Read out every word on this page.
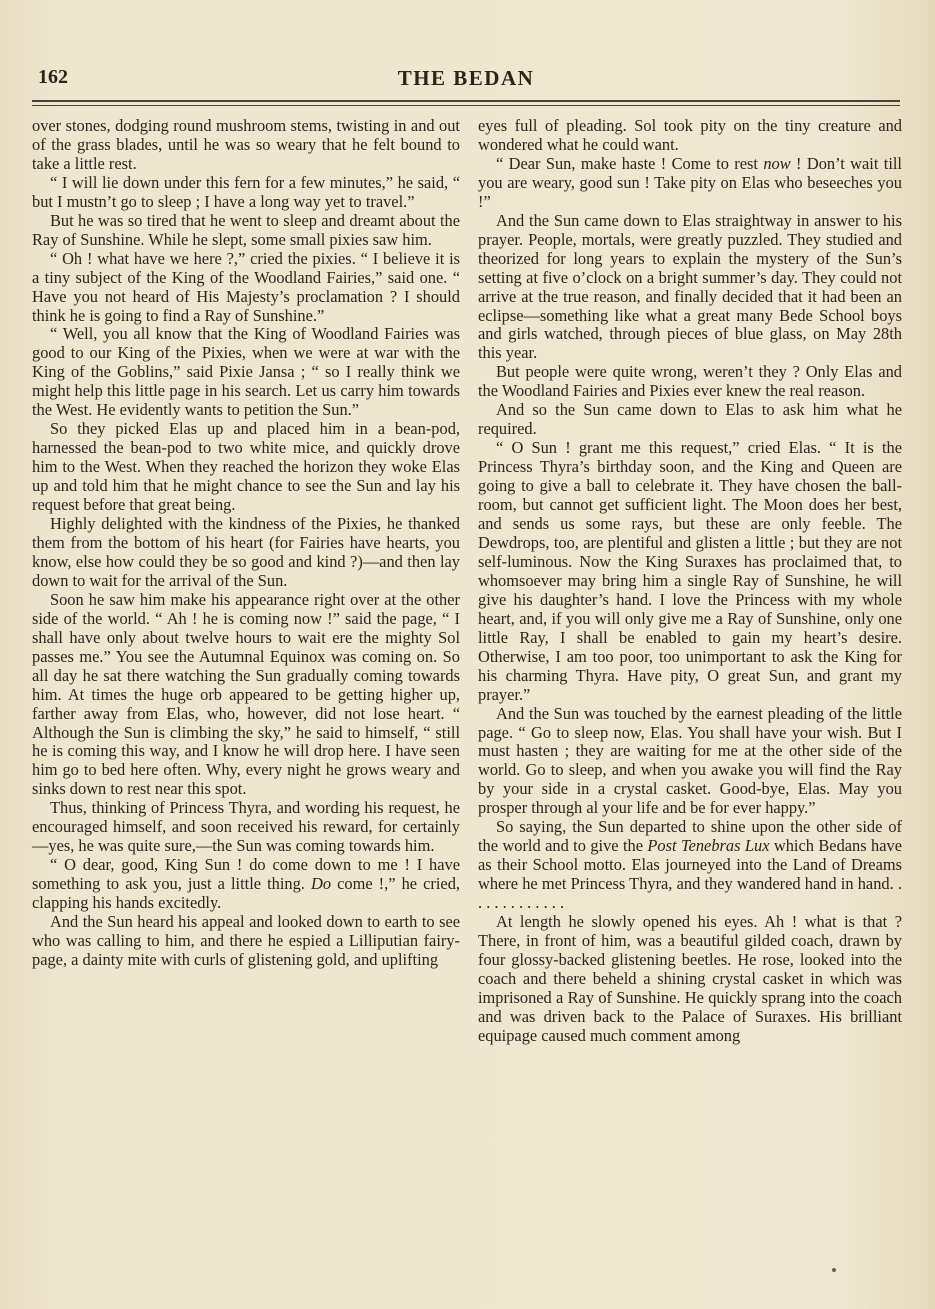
162	THE BEDAN

over stones, dodging round mushroom stems, twisting in and out of the grass blades, until he was so weary that he felt bound to take a little rest.

“ I will lie down under this fern for a few minutes,” he said, “ but I mustn’t go to sleep ; I have a long way yet to travel.”

But he was so tired that he went to sleep and dreamt about the Ray of Sunshine. While he slept, some small pixies saw him.

“ Oh ! what have we here ?,” cried the pixies. “ I believe it is a tiny subject of the King of the Woodland Fairies,” said one. “ Have you not heard of His Majesty’s proclamation ? I should think he is going to find a Ray of Sunshine.”

“ Well, you all know that the King of Woodland Fairies was good to our King of the Pixies, when we were at war with the King of the Goblins,” said Pixie Jansa ; “ so I really think we might help this little page in his search. Let us carry him towards the West. He evidently wants to petition the Sun.”

So they picked Elas up and placed him in a bean-pod, harnessed the bean-pod to two white mice, and quickly drove him to the West. When they reached the horizon they woke Elas up and told him that he might chance to see the Sun and lay his request before that great being.

Highly delighted with the kindness of the Pixies, he thanked them from the bottom of his heart (for Fairies have hearts, you know, else how could they be so good and kind ?)—and then lay down to wait for the arrival of the Sun.

Soon he saw him make his appearance right over at the other side of the world. “ Ah ! he is coming now !” said the page, “ I shall have only about twelve hours to wait ere the mighty Sol passes me.” You see the Autumnal Equinox was coming on. So all day he sat there watching the Sun gradually coming towards him. At times the huge orb appeared to be getting higher up, farther away from Elas, who, however, did not lose heart. “ Although the Sun is climbing the sky,” he said to himself, “ still he is coming this way, and I know he will drop here. I have seen him go to bed here often. Why, every night he grows weary and sinks down to rest near this spot.

Thus, thinking of Princess Thyra, and wording his request, he encouraged himself, and soon received his reward, for certainly—yes, he was quite sure,—the Sun was coming towards him.

“ O dear, good, King Sun ! do come down to me ! I have something to ask you, just a little thing. Do come !,” he cried, clapping his hands excitedly.

And the Sun heard his appeal and looked down to earth to see who was calling to him, and there he espied a Lilliputian fairy-page, a dainty mite with curls of glistening gold, and uplifting

eyes full of pleading. Sol took pity on the tiny creature and wondered what he could want.

“ Dear Sun, make haste ! Come to rest now ! Don’t wait till you are weary, good sun ! Take pity on Elas who beseeches you !”

And the Sun came down to Elas straightway in answer to his prayer. People, mortals, were greatly puzzled. They studied and theorized for long years to explain the mystery of the Sun’s setting at five o’clock on a bright summer’s day. They could not arrive at the true reason, and finally decided that it had been an eclipse—something like what a great many Bede School boys and girls watched, through pieces of blue glass, on May 28th this year.

But people were quite wrong, weren’t they ? Only Elas and the Woodland Fairies and Pixies ever knew the real reason.

And so the Sun came down to Elas to ask him what he required.

“ O Sun ! grant me this request,” cried Elas. “ It is the Princess Thyra’s birthday soon, and the King and Queen are going to give a ball to celebrate it. They have chosen the ball-room, but cannot get sufficient light. The Moon does her best, and sends us some rays, but these are only feeble. The Dewdrops, too, are plentiful and glisten a little ; but they are not self-luminous. Now the King Suraxes has proclaimed that, to whomsoever may bring him a single Ray of Sunshine, he will give his daughter’s hand. I love the Princess with my whole heart, and, if you will only give me a Ray of Sunshine, only one little Ray, I shall be enabled to gain my heart’s desire. Otherwise, I am too poor, too unimportant to ask the King for his charming Thyra. Have pity, O great Sun, and grant my prayer.”

And the Sun was touched by the earnest pleading of the little page. “ Go to sleep now, Elas. You shall have your wish. But I must hasten ; they are waiting for me at the other side of the world. Go to sleep, and when you awake you will find the Ray by your side in a crystal casket. Good-bye, Elas. May you prosper through al your life and be for ever happy.”

So saying, the Sun departed to shine upon the other side of the world and to give the Post Tenebras Lux which Bedans have as their School motto. Elas journeyed into the Land of Dreams where he met Princess Thyra, and they wandered hand in hand. . . . . . . . . . . . .

At length he slowly opened his eyes. Ah ! what is that ? There, in front of him, was a beautiful gilded coach, drawn by four glossy-backed glistening beetles. He rose, looked into the coach and there beheld a shining crystal casket in which was imprisoned a Ray of Sunshine. He quickly sprang into the coach and was driven back to the Palace of Suraxes. His brilliant equipage caused much comment among
